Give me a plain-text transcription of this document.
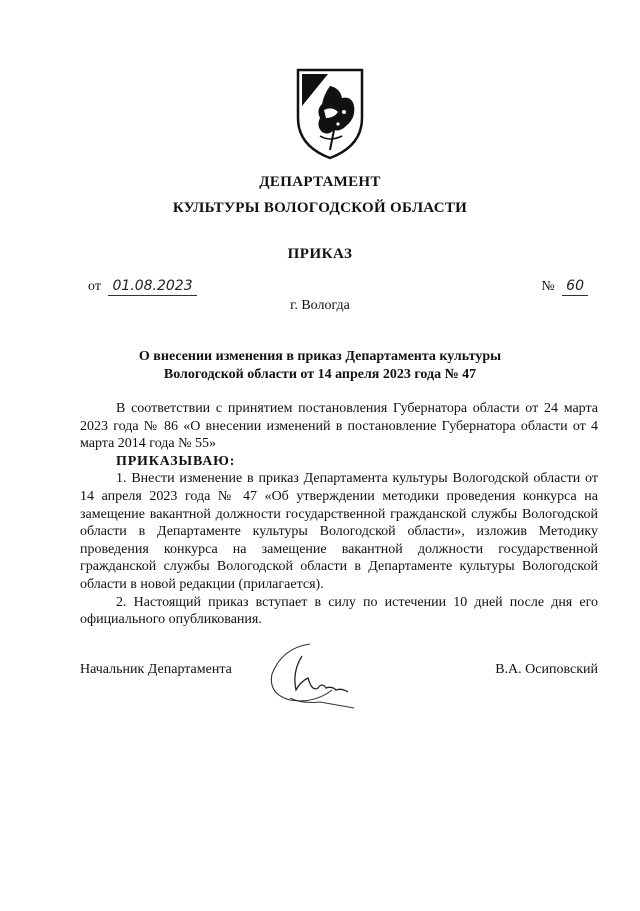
ДЕПАРТАМЕНТ
КУЛЬТУРЫ ВОЛОГОДСКОЙ ОБЛАСТИ
ПРИКАЗ
от 01.08.2023	№ 60
г. Вологда
О внесении изменения в приказ Департамента культуры
Вологодской области от 14 апреля 2023 года № 47

В соответствии с принятием постановления Губернатора области от 24 марта 2023 года № 86 «О внесении изменений в постановление Губернатора области от 4 марта 2014 года № 55»

ПРИКАЗЫВАЮ:

1. Внести изменение в приказ Департамента культуры Вологодской области от 14 апреля 2023 года № 47 «Об утверждении методики проведения конкурса на замещение вакантной должности государственной гражданской службы Вологодской области в Департаменте культуры Вологодской области», изложив Методику проведения конкурса на замещение вакантной должности государственной гражданской службы Вологодской области в Департаменте культуры Вологодской области в новой редакции (прилагается).

2. Настоящий приказ вступает в силу по истечении 10 дней после дня его официального опубликования.

Начальник Департамента	В.А. Осиповский
